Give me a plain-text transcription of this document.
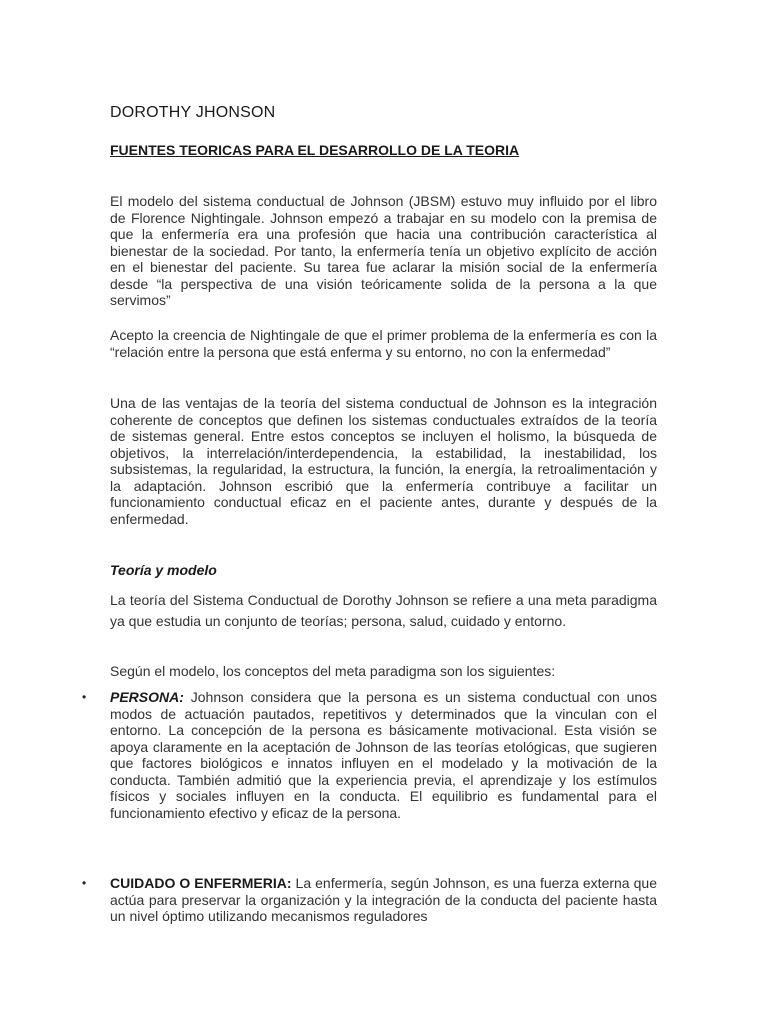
DOROTHY JHONSON
FUENTES TEORICAS PARA EL DESARROLLO DE LA TEORIA

El modelo del sistema conductual de Johnson (JBSM) estuvo muy influido por el libro de Florence Nightingale. Johnson empezó a trabajar en su modelo con la premisa de que la enfermería era una profesión que hacia una contribución característica al bienestar de la sociedad. Por tanto, la enfermería tenía un objetivo explícito de acción en el bienestar del paciente. Su tarea fue aclarar la misión social de la enfermería desde “la perspectiva de una visión teóricamente solida de la persona a la que servimos”

Acepto la creencia de Nightingale de que el primer problema de la enfermería es con la “relación entre la persona que está enferma y su entorno, no con la enfermedad”

Una de las ventajas de la teoría del sistema conductual de Johnson es la integración coherente de conceptos que definen los sistemas conductuales extraídos de la teoría de sistemas general. Entre estos conceptos se incluyen el holismo, la búsqueda de objetivos, la interrelación/interdependencia, la estabilidad, la inestabilidad, los subsistemas, la regularidad, la estructura, la función, la energía, la retroalimentación y la adaptación. Johnson escribió que la enfermería contribuye a facilitar un funcionamiento conductual eficaz en el paciente antes, durante y después de la enfermedad.

Teoría y modelo

La teoría del Sistema Conductual de Dorothy Johnson se refiere a una meta paradigma ya que estudia un conjunto de teorías; persona, salud, cuidado y entorno.

Según el modelo, los conceptos del meta paradigma son los siguientes:

• PERSONA: Johnson considera que la persona es un sistema conductual con unos modos de actuación pautados, repetitivos y determinados que la vinculan con el entorno. La concepción de la persona es básicamente motivacional. Esta visión se apoya claramente en la aceptación de Johnson de las teorías etológicas, que sugieren que factores biológicos e innatos influyen en el modelado y la motivación de la conducta. También admitió que la experiencia previa, el aprendizaje y los estímulos físicos y sociales influyen en la conducta. El equilibrio es fundamental para el funcionamiento efectivo y eficaz de la persona.
• CUIDADO O ENFERMERIA: La enfermería, según Johnson, es una fuerza externa que actúa para preservar la organización y la integración de la conducta del paciente hasta un nivel óptimo utilizando mecanismos reguladores
